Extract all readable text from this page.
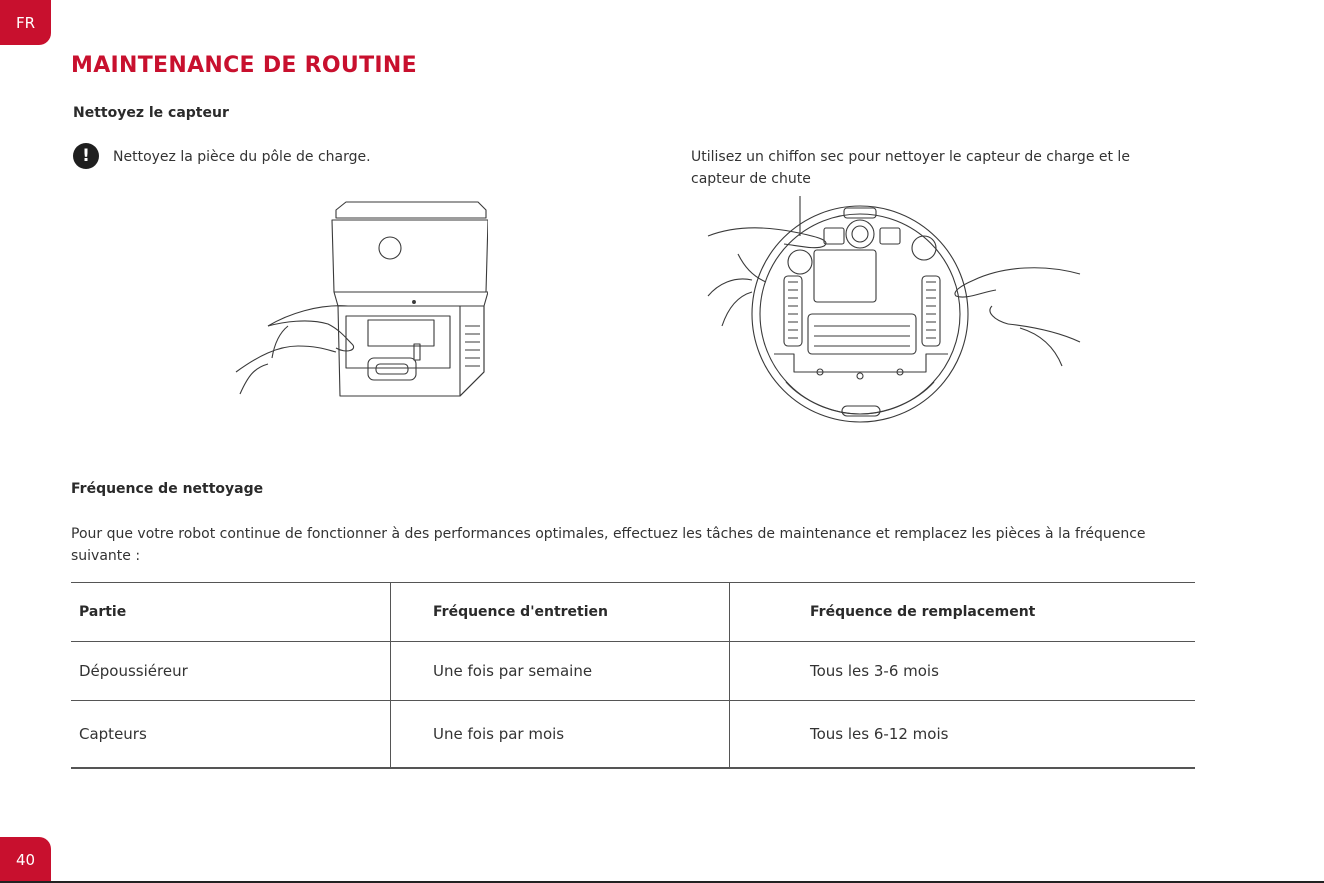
FR
MAINTENANCE DE ROUTINE
Nettoyez le capteur
!	Nettoyez la pièce du pôle de charge.	Utilisez un chiffon sec pour nettoyer le capteur de charge et le

capteur de chute

Fréquence de nettoyage

Pour que votre robot continue de fonctionner à des performances optimales, effectuez les tâches de maintenance et remplacez les pièces à la fréquence

suivante :

Partie	Fréquence d'entretien	Fréquence de remplacement
Dépoussiéreur	Une fois par semaine	Tous les 3-6 mois
Capteurs	Une fois par mois	Tous les 6-12 mois
40
